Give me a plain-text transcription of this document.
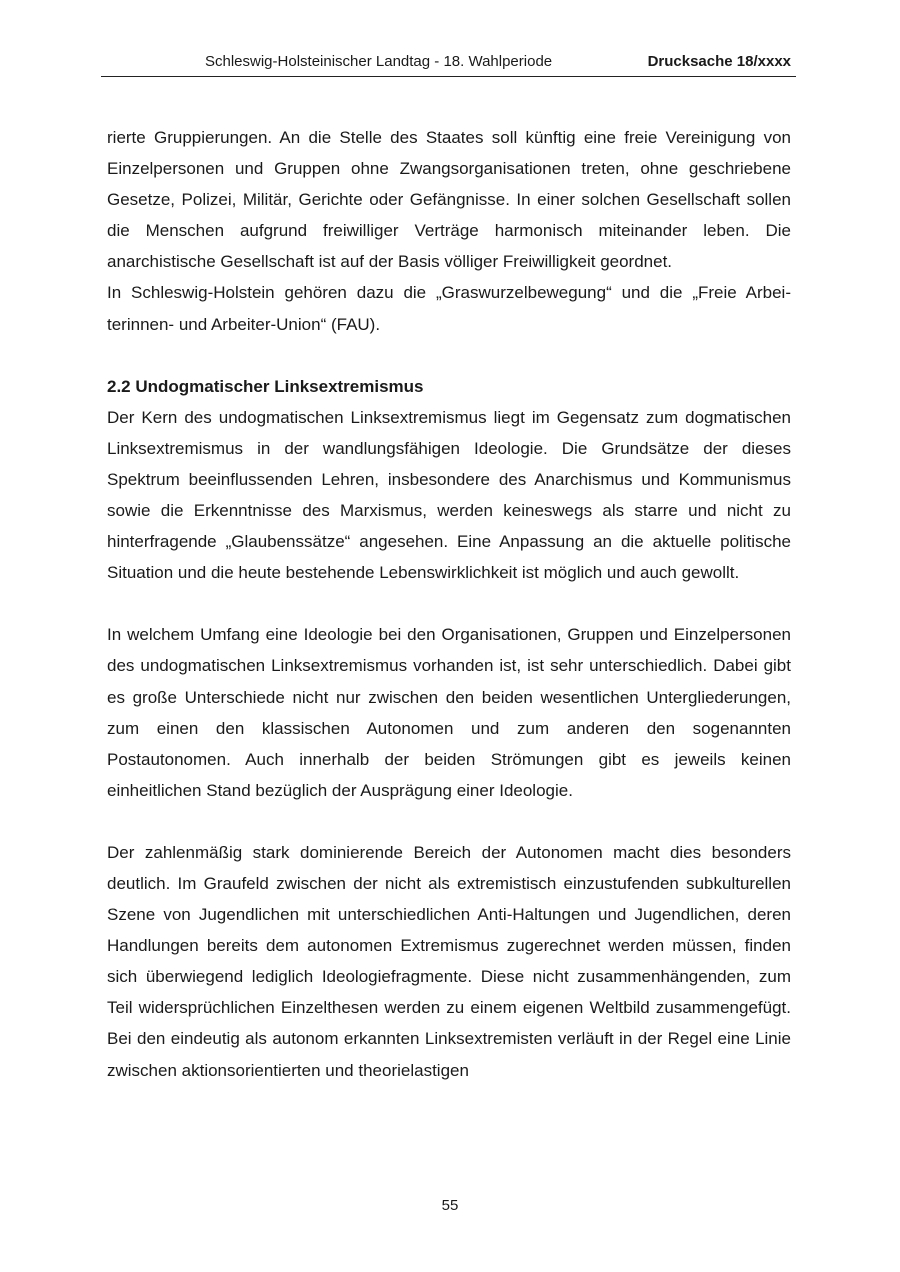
Schleswig-Holsteinischer Landtag - 18. Wahlperiode	Drucksache 18/xxxx

rierte Gruppierungen. An die Stelle des Staates soll künftig eine freie Vereinigung von Einzelpersonen und Gruppen ohne Zwangsorganisationen treten, ohne geschriebene Gesetze, Polizei, Militär, Gerichte oder Gefängnisse. In einer solchen Gesellschaft sollen die Menschen aufgrund freiwilliger Verträge harmonisch miteinander leben. Die anarchistische Gesellschaft ist auf der Basis völliger Freiwilligkeit geordnet.

In Schleswig-Holstein gehören dazu die „Graswurzelbewegung“ und die „Freie Arbeiterinnen- und Arbeiter-Union“ (FAU).

2.2 Undogmatischer Linksextremismus

Der Kern des undogmatischen Linksextremismus liegt im Gegensatz zum dogmatischen Linksextremismus in der wandlungsfähigen Ideologie. Die Grundsätze der dieses Spektrum beeinflussenden Lehren, insbesondere des Anarchismus und Kommunismus sowie die Erkenntnisse des Marxismus, werden keineswegs als starre und nicht zu hinterfragende „Glaubenssätze“ angesehen. Eine Anpassung an die aktuelle politische Situation und die heute bestehende Lebenswirklichkeit ist möglich und auch gewollt.

In welchem Umfang eine Ideologie bei den Organisationen, Gruppen und Einzelpersonen des undogmatischen Linksextremismus vorhanden ist, ist sehr unterschiedlich. Dabei gibt es große Unterschiede nicht nur zwischen den beiden wesentlichen Untergliederungen, zum einen den klassischen Autonomen und zum anderen den sogenannten Postautonomen. Auch innerhalb der beiden Strömungen gibt es jeweils keinen einheitlichen Stand bezüglich der Ausprägung einer Ideologie.

Der zahlenmäßig stark dominierende Bereich der Autonomen macht dies besonders deutlich. Im Graufeld zwischen der nicht als extremistisch einzustufenden subkulturellen Szene von Jugendlichen mit unterschiedlichen Anti-Haltungen und Jugendlichen, deren Handlungen bereits dem autonomen Extremismus zugerechnet werden müssen, finden sich überwiegend lediglich Ideologiefragmente. Diese nicht zusammenhängenden, zum Teil widersprüchlichen Einzelthesen werden zu einem eigenen Weltbild zusammengefügt. Bei den eindeutig als autonom erkannten Linksextremisten verläuft in der Regel eine Linie zwischen aktionsorientierten und theorielastigen

55
